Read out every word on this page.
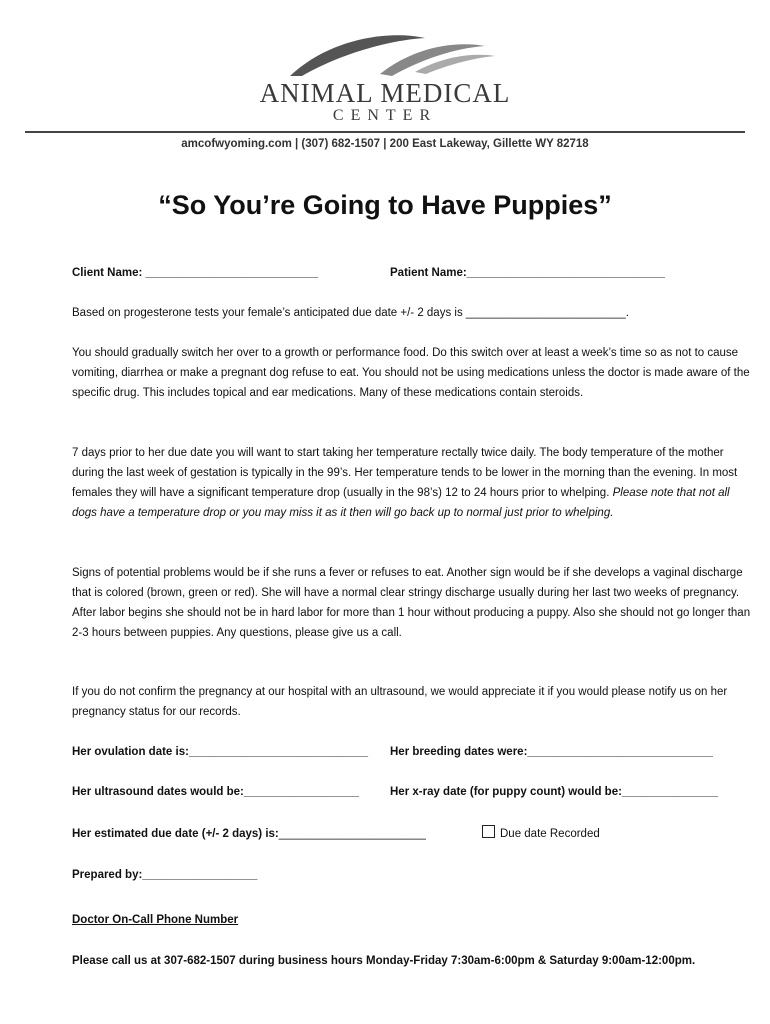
ANIMAL MEDICAL
CENTER
amcofwyoming.com | (307) 682-1507 | 200 East Lakeway, Gillette WY 82718
“So You’re Going to Have Puppies”
Client Name: ___________________________	Patient Name:_______________________________
Based on progesterone tests your female’s anticipated due date +/- 2 days is _________________________.
You should gradually switch her over to a growth or performance food. Do this switch over at least a week’s time so as not to cause vomiting, diarrhea or make a pregnant dog refuse to eat. You should not be using medications unless the doctor is made aware of the specific drug. This includes topical and ear medications. Many of these medications contain steroids.
7 days prior to her due date you will want to start taking her temperature rectally twice daily. The body temperature of the mother during the last week of gestation is typically in the 99’s. Her temperature tends to be lower in the morning than the evening. In most females they will have a significant temperature drop (usually in the 98’s) 12 to 24 hours prior to whelping. Please note that not all dogs have a temperature drop or you may miss it as it then will go back up to normal just prior to whelping.
Signs of potential problems would be if she runs a fever or refuses to eat. Another sign would be if she develops a vaginal discharge that is colored (brown, green or red). She will have a normal clear stringy discharge usually during her last two weeks of pregnancy. After labor begins she should not be in hard labor for more than 1 hour without producing a puppy. Also she should not go longer than 2-3 hours between puppies. Any questions, please give us a call.
If you do not confirm the pregnancy at our hospital with an ultrasound, we would appreciate it if you would please notify us on her pregnancy status for our records.
Her ovulation date is:____________________________ Her breeding dates were:_____________________________
Her ultrasound dates would be:__________________	Her x-ray date (for puppy count) would be:_______________
Her estimated due date (+/- 2 days) is:_______________________	Due date Recorded
Prepared by:__________________
Doctor On-Call Phone Number
Please call us at 307-682-1507 during business hours Monday-Friday 7:30am-6:00pm & Saturday 9:00am-12:00pm.
